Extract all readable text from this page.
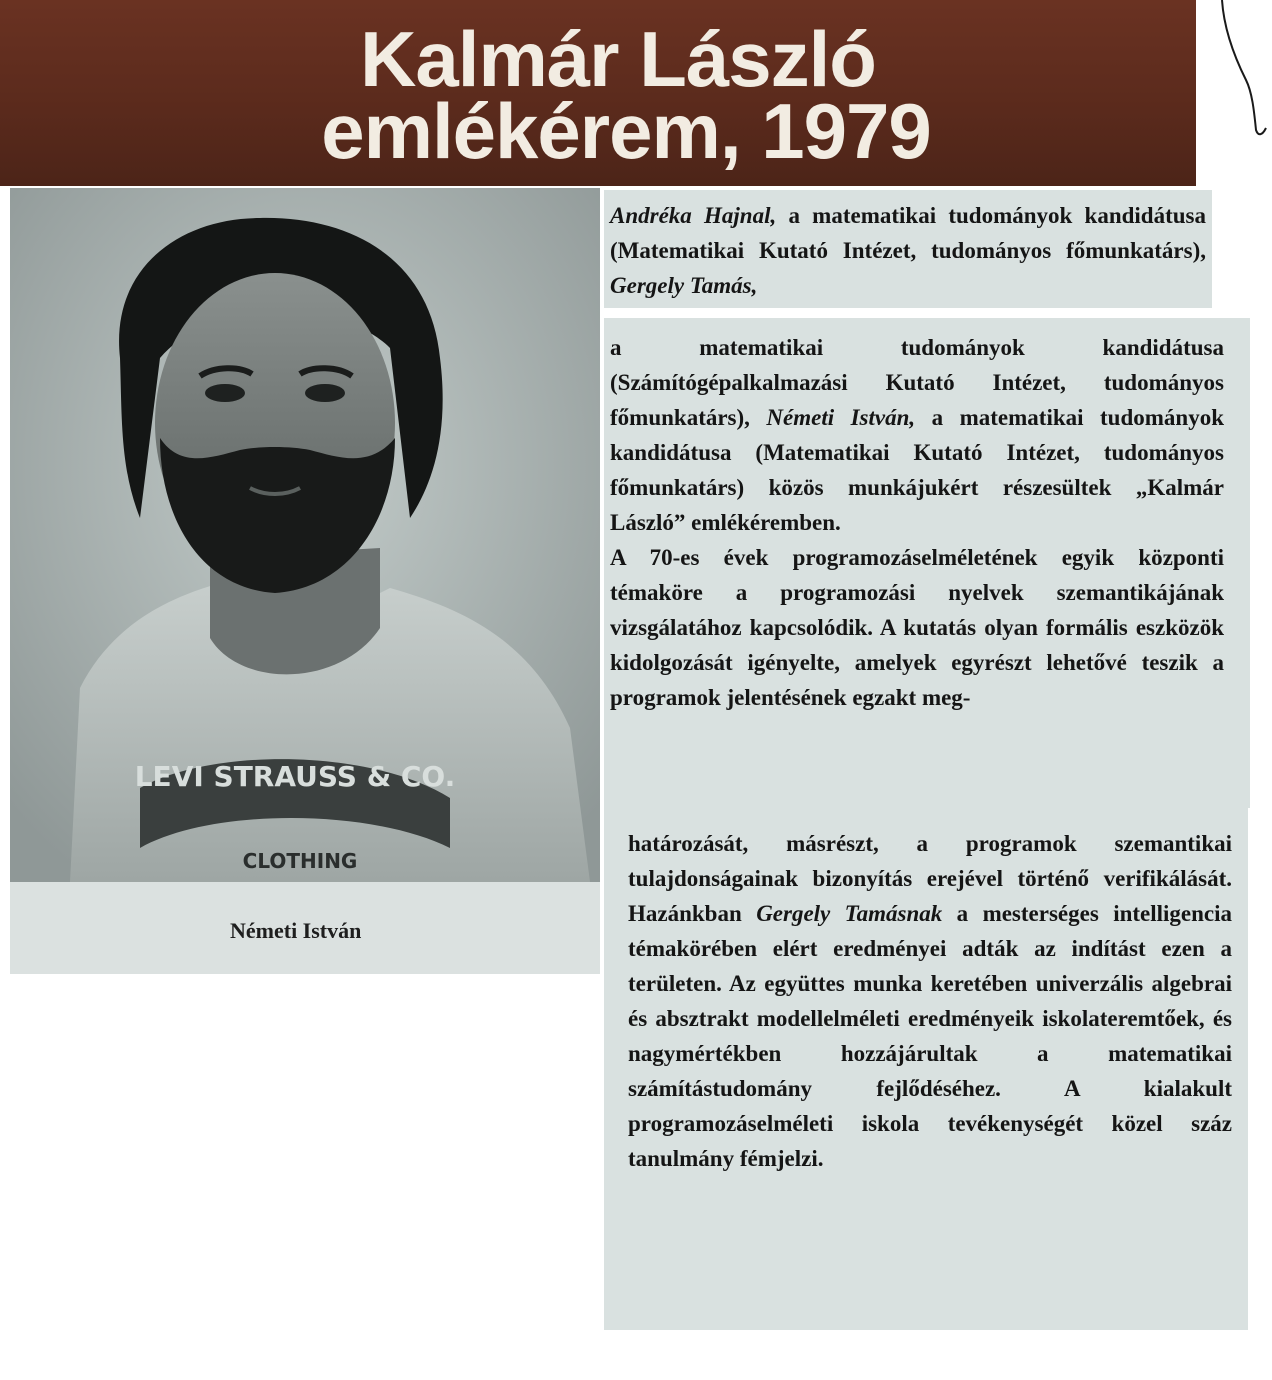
Kalmár László
emlékérem, 1979
LEVI STRAUSS & CO.
CLOTHING
Németi István

Andréka Hajnal, a matematikai tudományok kandidátusa (Matematikai Kutató Intézet, tudományos főmunkatárs), Gergely Tamás,

a matematikai tudományok kandidátusa (Számítógépalkalmazási Kutató Intézet, tudományos főmunkatárs), Németi István, a matematikai tudományok kandidátusa (Matematikai Kutató Intézet, tudományos főmunkatárs) közös munkájukért részesültek „Kalmár László” emlékéremben.

A 70-es évek programozáselméletének egyik központi témaköre a programozási nyelvek szemantikájának vizsgálatához kapcsolódik. A kutatás olyan formális eszközök kidolgozását igényelte, amelyek egyrészt lehetővé teszik a programok jelentésének egzakt meg-

határozását, másrészt, a programok szemantikai tulajdonságainak bizonyítás erejével történő verifikálását. Hazánkban Gergely Tamásnak a mesterséges intelligencia témakörében elért eredményei adták az indítást ezen a területen. Az együttes munka keretében univerzális algebrai és absztrakt modellelméleti eredményeik iskolateremtőek, és nagymértékben hozzájárultak a matematikai számítástudomány fejlődéséhez. A kialakult programozáselméleti iskola tevékenységét közel száz tanulmány fémjelzi.
